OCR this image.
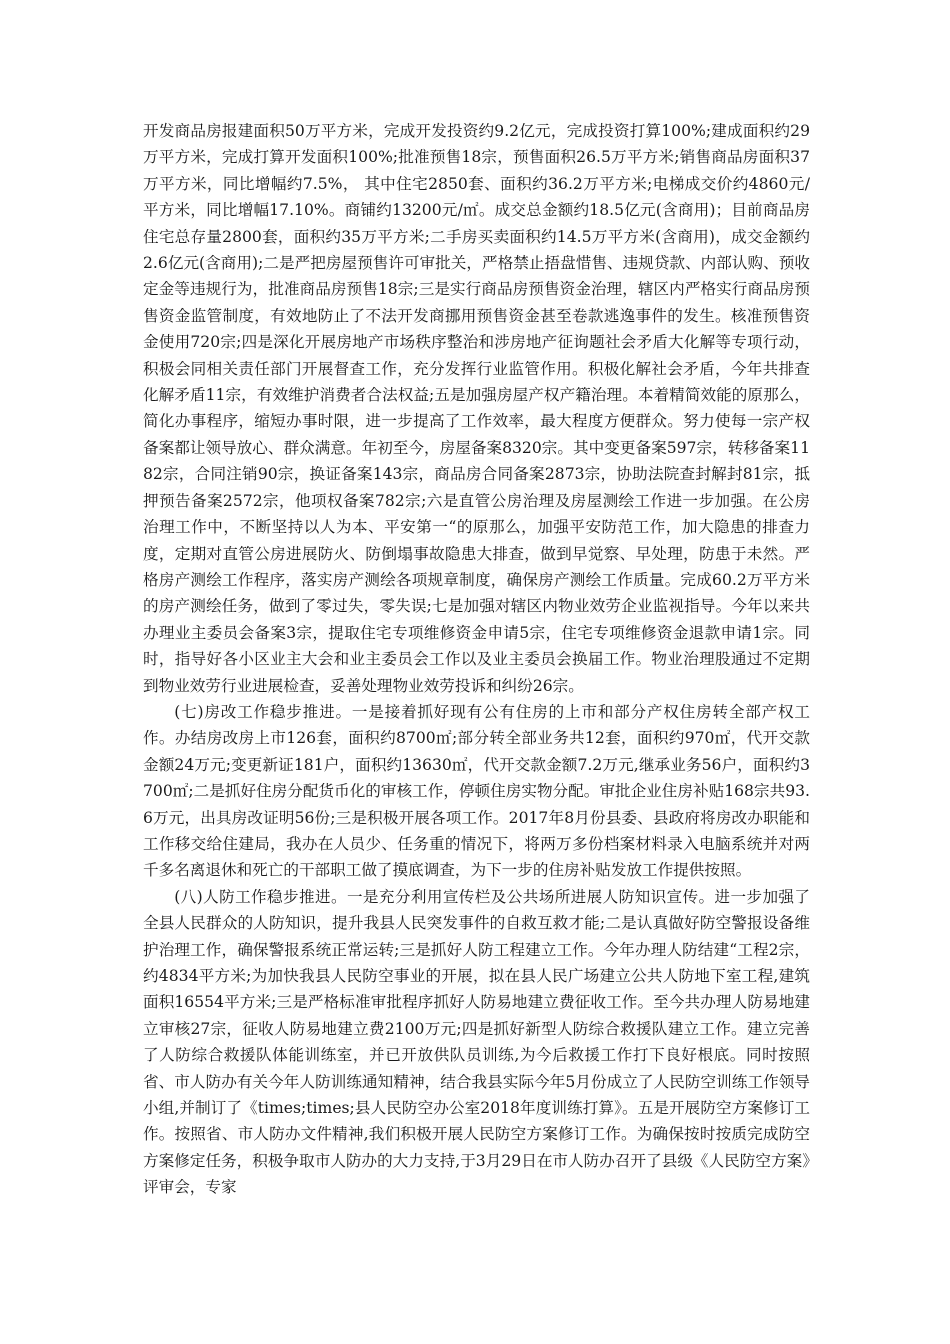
开发商品房报建面积50万平方米，完成开发投资约9.2亿元，完成投资打算100%;建成面积约29万平方米，完成打算开发面积100%;批准预售18宗，预售面积26.5万平方米;销售商品房面积37万平方米，同比增幅约7.5%， 其中住宅2850套、面积约36.2万平方米;电梯成交价约4860元/平方米，同比增幅17.10%。商铺约13200元/㎡。成交总金额约18.5亿元(含商用)；目前商品房住宅总存量2800套，面积约35万平方米;二手房买卖面积约14.5万平方米(含商用)，成交金额约2.6亿元(含商用);二是严把房屋预售许可审批关，严格禁止捂盘惜售、违规贷款、内部认购、预收定金等违规行为，批准商品房预售18宗;三是实行商品房预售资金治理，辖区内严格实行商品房预售资金监管制度，有效地防止了不法开发商挪用预售资金甚至卷款逃逸事件的发生。核准预售资金使用720宗;四是深化开展房地产市场秩序整治和涉房地产征询题社会矛盾大化解等专项行动，积极会同相关责任部门开展督查工作，充分发挥行业监管作用。积极化解社会矛盾，今年共排查化解矛盾11宗，有效维护消费者合法权益;五是加强房屋产权产籍治理。本着精简效能的原那么，简化办事程序，缩短办事时限，进一步提高了工作效率，最大程度方便群众。努力使每一宗产权备案都让领导放心、群众满意。年初至今，房屋备案8320宗。其中变更备案597宗，转移备案1182宗，合同注销90宗，换证备案143宗，商品房合同备案2873宗，协助法院查封解封81宗，抵押预告备案2572宗，他项权备案782宗;六是直管公房治理及房屋测绘工作进一步加强。在公房治理工作中，不断坚持以人为本、平安第一“的原那么，加强平安防范工作，加大隐患的排查力度，定期对直管公房进展防火、防倒塌事故隐患大排查，做到早觉察、早处理，防患于未然。严格房产测绘工作程序，落实房产测绘各项规章制度，确保房产测绘工作质量。完成60.2万平方米的房产测绘任务，做到了零过失，零失误;七是加强对辖区内物业效劳企业监视指导。今年以来共办理业主委员会备案3宗，提取住宅专项维修资金申请5宗，住宅专项维修资金退款申请1宗。同时，指导好各小区业主大会和业主委员会工作以及业主委员会换届工作。物业治理股通过不定期到物业效劳行业进展检查，妥善处理物业效劳投诉和纠纷26宗。

(七)房改工作稳步推进。一是接着抓好现有公有住房的上市和部分产权住房转全部产权工作。办结房改房上市126套，面积约8700㎡;部分转全部业务共12套，面积约970㎡，代开交款金额24万元;变更新证181户，面积约13630㎡，代开交款金额7.2万元,继承业务56户，面积约3700㎡;二是抓好住房分配货币化的审核工作，停顿住房实物分配。审批企业住房补贴168宗共93.6万元，出具房改证明56份;三是积极开展各项工作。2017年8月份县委、县政府将房改办职能和工作移交给住建局，我办在人员少、任务重的情况下，将两万多份档案材料录入电脑系统并对两千多名离退休和死亡的干部职工做了摸底调查，为下一步的住房补贴发放工作提供按照。

(八)人防工作稳步推进。一是充分利用宣传栏及公共场所进展人防知识宣传。进一步加强了全县人民群众的人防知识，提升我县人民突发事件的自救互救才能;二是认真做好防空警报设备维护治理工作，确保警报系统正常运转;三是抓好人防工程建立工作。今年办理人防结建“工程2宗，约4834平方米;为加快我县人民防空事业的开展，拟在县人民广场建立公共人防地下室工程,建筑面积16554平方米;三是严格标准审批程序抓好人防易地建立费征收工作。至今共办理人防易地建立审核27宗，征收人防易地建立费2100万元;四是抓好新型人防综合救援队建立工作。建立完善了人防综合救援队体能训练室，并已开放供队员训练,为今后救援工作打下良好根底。同时按照省、市人防办有关今年人防训练通知精神，结合我县实际今年5月份成立了人民防空训练工作领导小组,并制订了《times;times;县人民防空办公室2018年度训练打算》。五是开展防空方案修订工作。按照省、市人防办文件精神,我们积极开展人民防空方案修订工作。为确保按时按质完成防空方案修定任务，积极争取市人防办的大力支持,于3月29日在市人防办召开了县级《人民防空方案》评审会，专家
